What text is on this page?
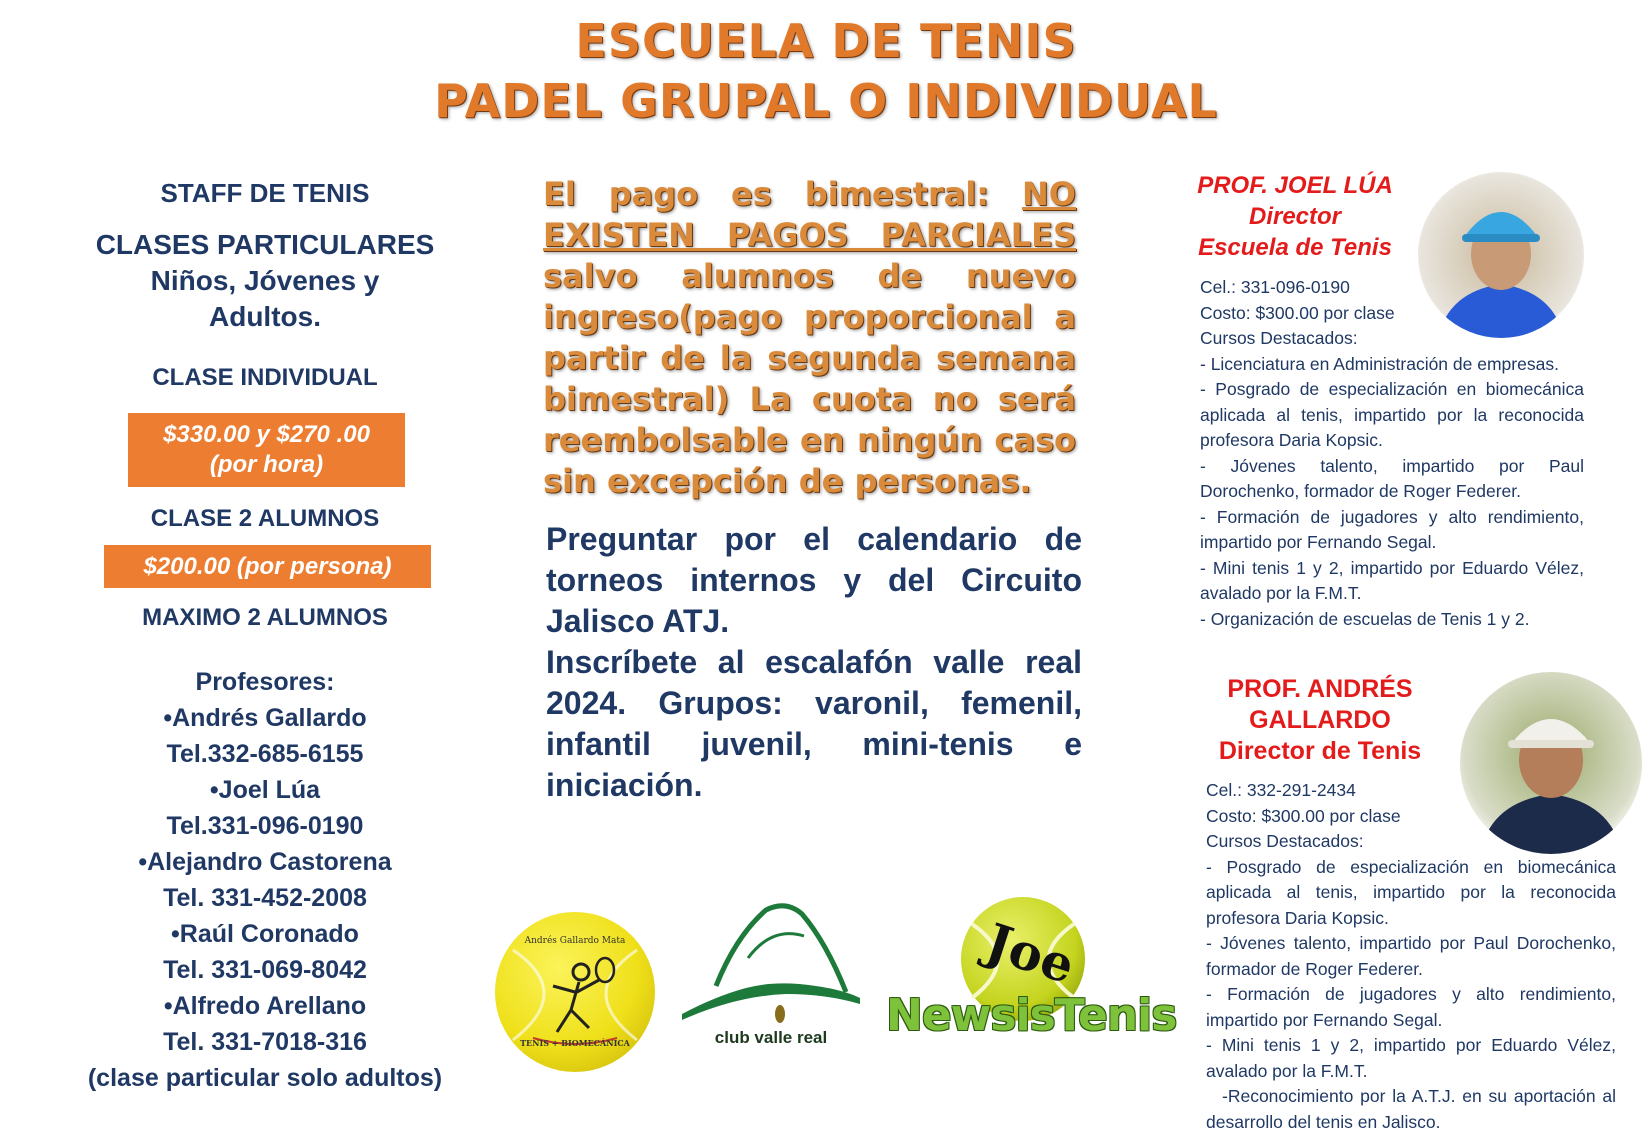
ESCUELA DE TENIS
PADEL GRUPAL O INDIVIDUAL
STAFF DE TENIS
CLASES PARTICULARES
Niños, Jóvenes y
Adultos.
CLASE INDIVIDUAL
$330.00 y $270 .00
(por hora)
CLASE 2 ALUMNOS
$200.00 (por persona)
MAXIMO 2 ALUMNOS
Profesores:
•Andrés Gallardo
Tel.332-685-6155
•Joel Lúa
Tel.331-096-0190
•Alejandro Castorena
Tel. 331-452-2008
•Raúl Coronado
Tel. 331-069-8042
•Alfredo Arellano
Tel. 331-7018-316
(clase particular solo adultos)
El pago es bimestral: NO EXISTEN PAGOS PARCIALES salvo alumnos de nuevo ingreso(pago proporcional a partir de la segunda semana bimestral) La cuota no será reembolsable en ningún caso sin excepción de personas.
Preguntar por el calendario de torneos internos y del Circuito Jalisco ATJ.
Inscríbete al escalafón valle real 2024. Grupos: varonil, femenil, infantil juvenil, mini-tenis e iniciación.
Andrés Gallardo Mata
TENIS + BIOMECÁNICA	club valle real
Joe
NewsisTenis
PROF. JOEL LÚA
Director
Escuela de Tenis
Cel.: 331-096-0190
Costo: $300.00 por clase
Cursos Destacados:
- Licenciatura en Administración de empresas.
- Posgrado de especialización en biomecánica aplicada al tenis, impartido por la reconocida profesora Daria Kopsic.
- Jóvenes talento, impartido por Paul Dorochenko, formador de Roger Federer.
- Formación de jugadores y alto rendimiento, impartido por Fernando Segal.
- Mini tenis 1 y 2, impartido por Eduardo Vélez, avalado por la F.M.T.
- Organización de escuelas de Tenis 1 y 2.
PROF. ANDRÉS
GALLARDO
Director de Tenis
Cel.: 332-291-2434
Costo: $300.00 por clase
Cursos Destacados:
- Posgrado de especialización en biomecánica aplicada al tenis, impartido por la reconocida profesora Daria Kopsic.
- Jóvenes talento, impartido por Paul Dorochenko, formador de Roger Federer.
- Formación de jugadores y alto rendimiento, impartido por Fernando Segal.
- Mini tenis 1 y 2, impartido por Eduardo Vélez, avalado por la F.M.T.
-Reconocimiento por la A.T.J. en su aportación al desarrollo del tenis en Jalisco.
